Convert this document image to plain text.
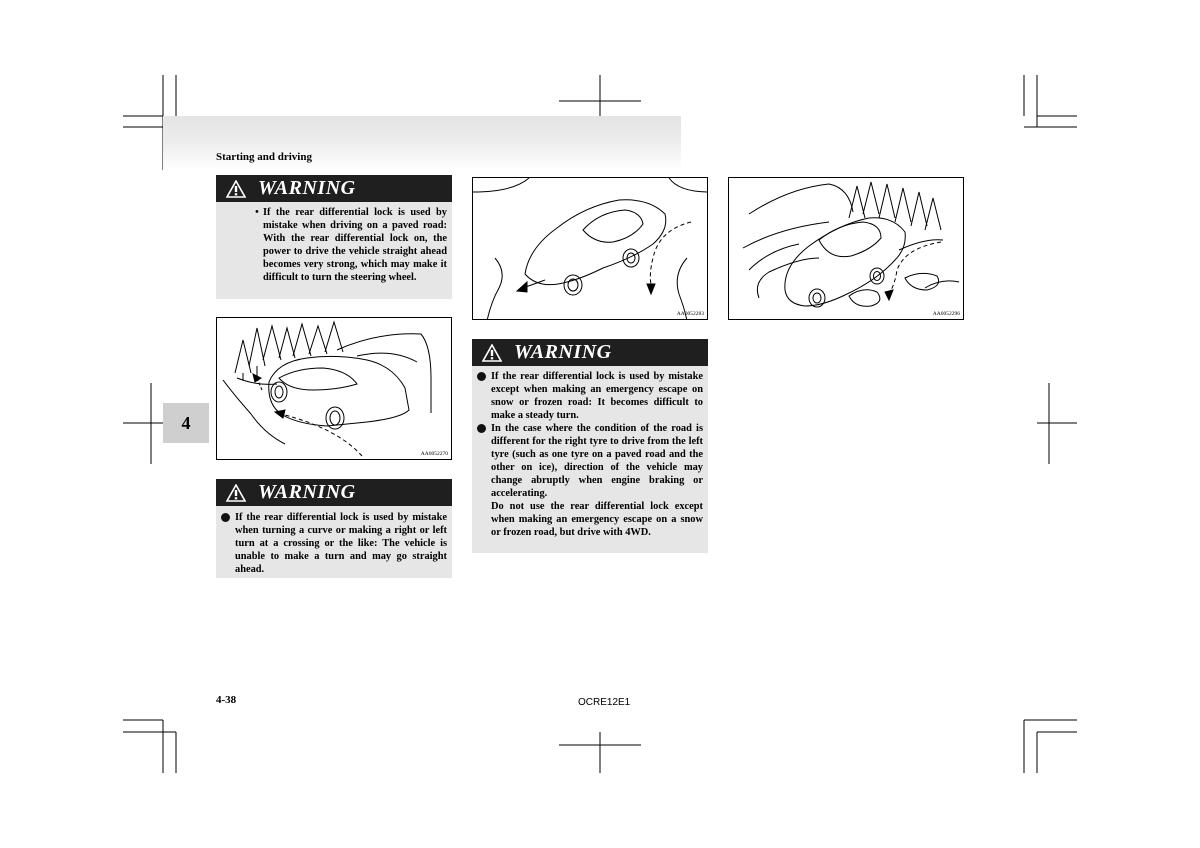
Starting and driving
4
WARNING
• If the rear differential lock is used by mistake when driving on a paved road: With the rear differential lock on, the power to drive the vehicle straight ahead becomes very strong, which may make it difficult to turn the steering wheel.
AA0052270
WARNING
If the rear differential lock is used by mistake when turning a curve or making a right or left turn at a crossing or the like: The vehicle is unable to make a turn and may go straight ahead.
AA0052283
WARNING
If the rear differential lock is used by mistake except when making an emergency escape on snow or frozen road: It becomes difficult to make a steady turn.
In the case where the condition of the road is different for the right tyre to drive from the left tyre (such as one tyre on a paved road and the other on ice), direction of the vehicle may change abruptly when engine braking or accelerating.

Do not use the rear differential lock except when making an emergency escape on a snow or frozen road, but drive with 4WD.

AA0052296
4-38	OCRE12E1
